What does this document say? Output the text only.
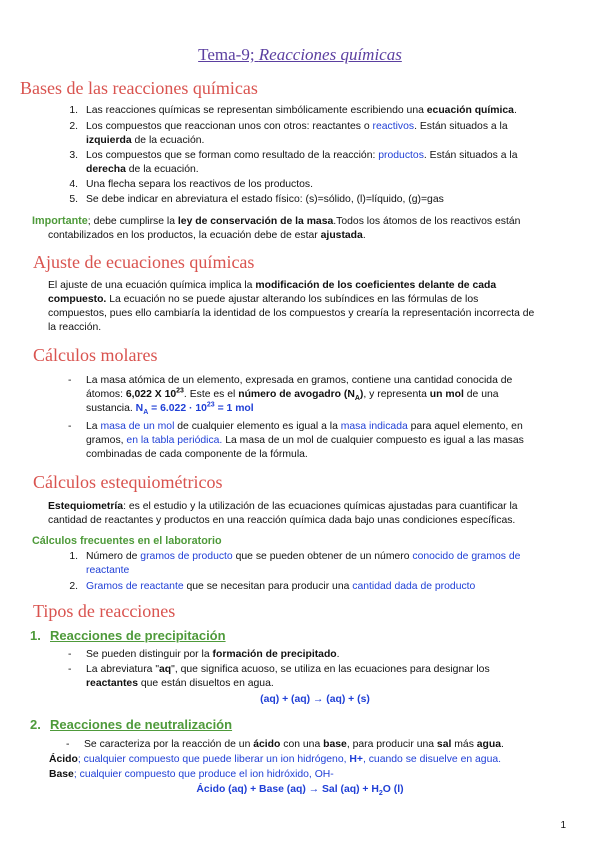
Tema-9; Reacciones químicas
Bases de las reacciones químicas
1. Las reacciones químicas se representan simbólicamente escribiendo una ecuación química.
2. Los compuestos que reaccionan unos con otros: reactantes o reactivos. Están situados a la
izquierda de la ecuación.
3. Los compuestos que se forman como resultado de la reacción: productos. Están situados a la
derecha de la ecuación.
4. Una flecha separa los reactivos de los productos.
5. Se debe indicar en abreviatura el estado físico: (s)=sólido, (l)=líquido, (g)=gas
Importante; debe cumplirse la ley de conservación de la masa.Todos los átomos de los reactivos están
contabilizados en los productos, la ecuación debe de estar ajustada.
Ajuste de ecuaciones químicas
El ajuste de una ecuación química implica la modificación de los coeficientes delante de cada
compuesto. La ecuación no se puede ajustar alterando los subíndices en las fórmulas de los
compuestos, pues ello cambiaría la identidad de los compuestos y crearía la representación incorrecta de
la reacción.
Cálculos molares
- La masa atómica de un elemento, expresada en gramos, contiene una cantidad conocida de
átomos: 6,022 X $10^{23}$. Este es el número de avogadro $(N_A)$, y representa un mol de una
sustancia. $N_A = 6.022 \cdot 10^{23} = 1$ mol
- La masa de un mol de cualquier elemento es igual a la masa indicada para aquel elemento, en
gramos, en la tabla periódica. La masa de un mol de cualquier compuesto es igual a las masas
combinadas de cada componente de la fórmula.
Cálculos estequiométricos
Estequiometría: es el estudio y la utilización de las ecuaciones químicas ajustadas para cuantificar la
cantidad de reactantes y productos en una reacción química dada bajo unas condiciones específicas.
Cálculos frecuentes en el laboratorio
1. Número de gramos de producto que se pueden obtener de un número conocido de gramos de
reactante
2. Gramos de reactante que se necesitan para producir una cantidad dada de producto
Tipos de reacciones
1. Reacciones de precipitación
- Se pueden distinguir por la formación de precipitado.
- La abreviatura "aq", que significa acuoso, se utiliza en las ecuaciones para designar los
reactantes que están disueltos en agua.
(aq) + (aq) → (aq) + (s)
2. Reacciones de neutralización
- Se caracteriza por la reacción de un ácido con una base, para producir una sal más agua.
Ácido; cualquier compuesto que puede liberar un ion hidrógeno, H+, cuando se disuelve en agua.
Base; cualquier compuesto que produce el ion hidróxido, OH-
Ácido (aq) + Base (aq) → Sal $(aq) + H_2O$ (l)
1
